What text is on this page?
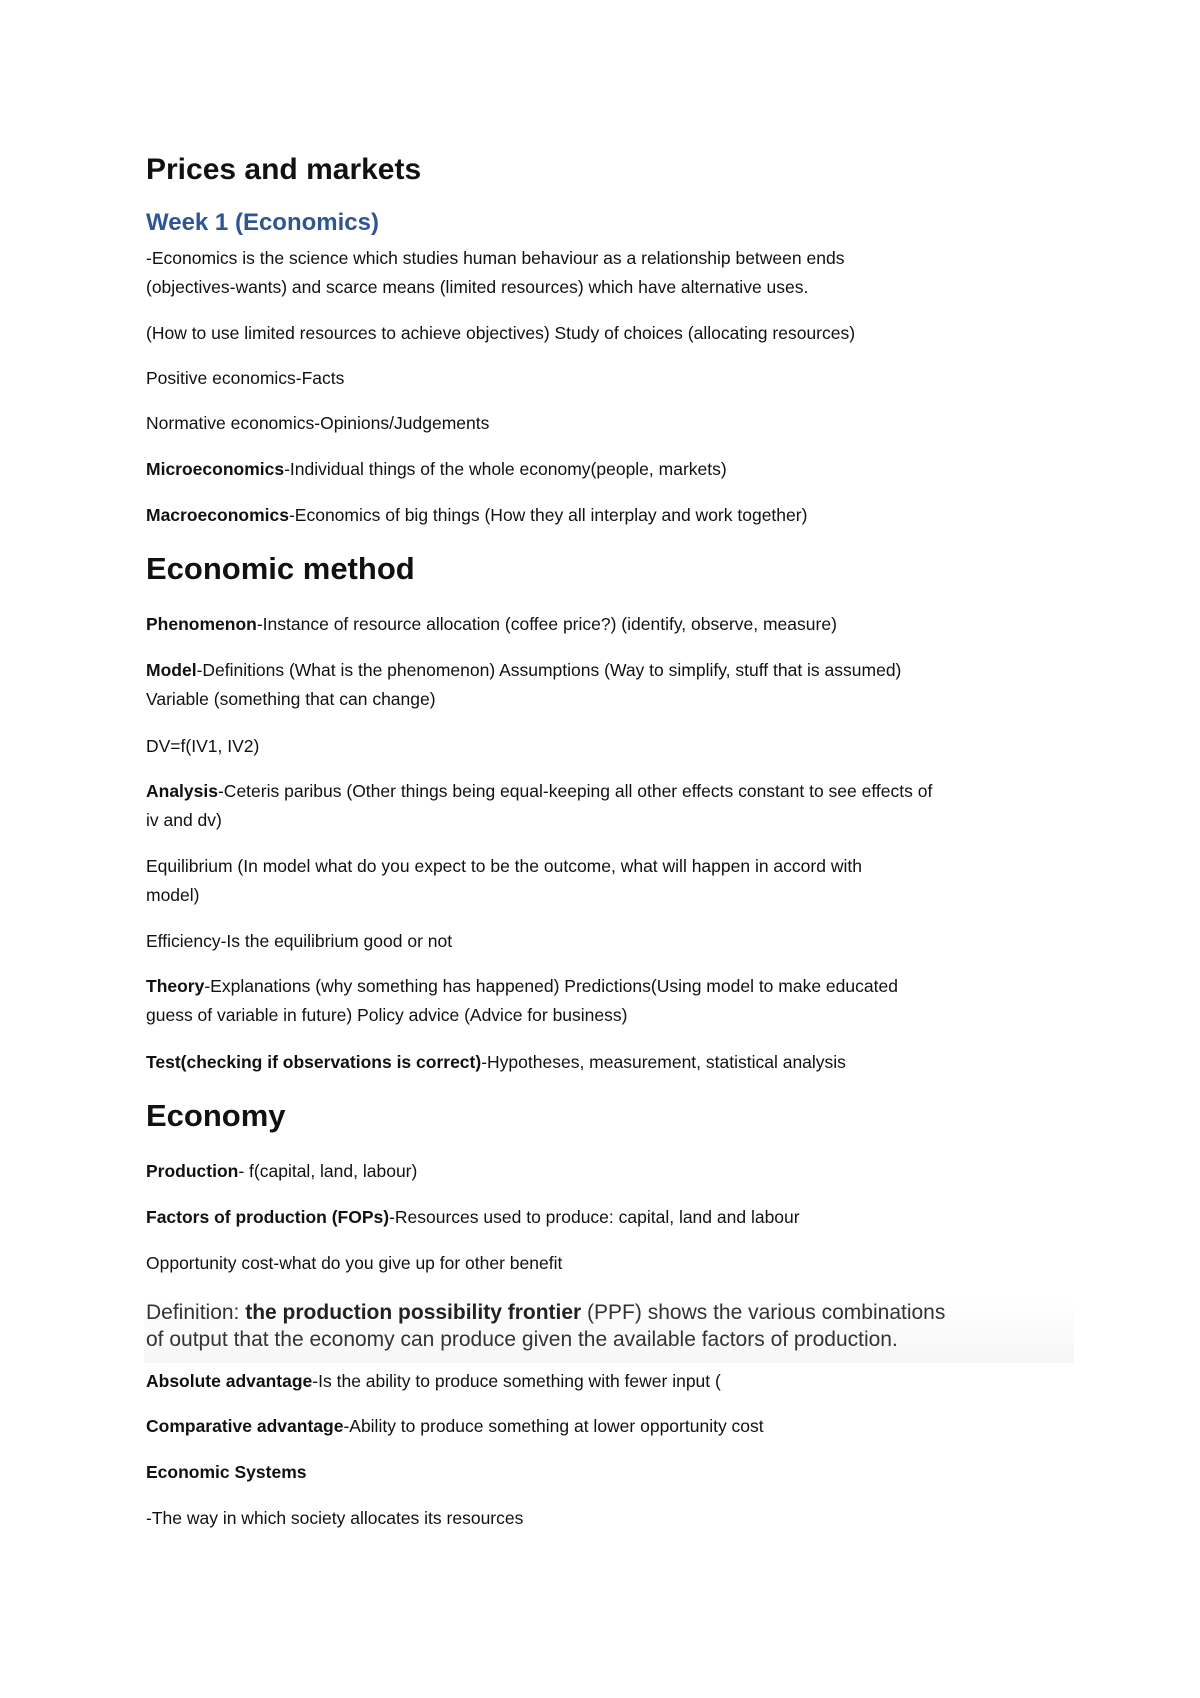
Prices and markets
Week 1 (Economics)

-Economics is the science which studies human behaviour as a relationship between ends

(objectives-wants) and scarce means (limited resources) which have alternative uses.

(How to use limited resources to achieve objectives) Study of choices (allocating resources)

Positive economics-Facts

Normative economics-Opinions/Judgements

Microeconomics-Individual things of the whole economy(people, markets)

Macroeconomics-Economics of big things (How they all interplay and work together)

Economic method

Phenomenon-Instance of resource allocation (coffee price?) (identify, observe, measure)

Model-Definitions (What is the phenomenon) Assumptions (Way to simplify, stuff that is assumed)

Variable (something that can change)

DV=f(IV1, IV2)

Analysis-Ceteris paribus (Other things being equal-keeping all other effects constant to see effects of

iv and dv)

Equilibrium (In model what do you expect to be the outcome, what will happen in accord with

model)

Efficiency-Is the equilibrium good or not

Theory-Explanations (why something has happened) Predictions(Using model to make educated

guess of variable in future) Policy advice (Advice for business)

Test(checking if observations is correct)-Hypotheses, measurement, statistical analysis

Economy

Production- f(capital, land, labour)

Factors of production (FOPs)-Resources used to produce: capital, land and labour

Opportunity cost-what do you give up for other benefit

Definition: the production possibility frontier (PPF) shows the various combinations
of output that the economy can produce given the available factors of production.

Absolute advantage-Is the ability to produce something with fewer input (

Comparative advantage-Ability to produce something at lower opportunity cost

Economic Systems

-The way in which society allocates its resources
